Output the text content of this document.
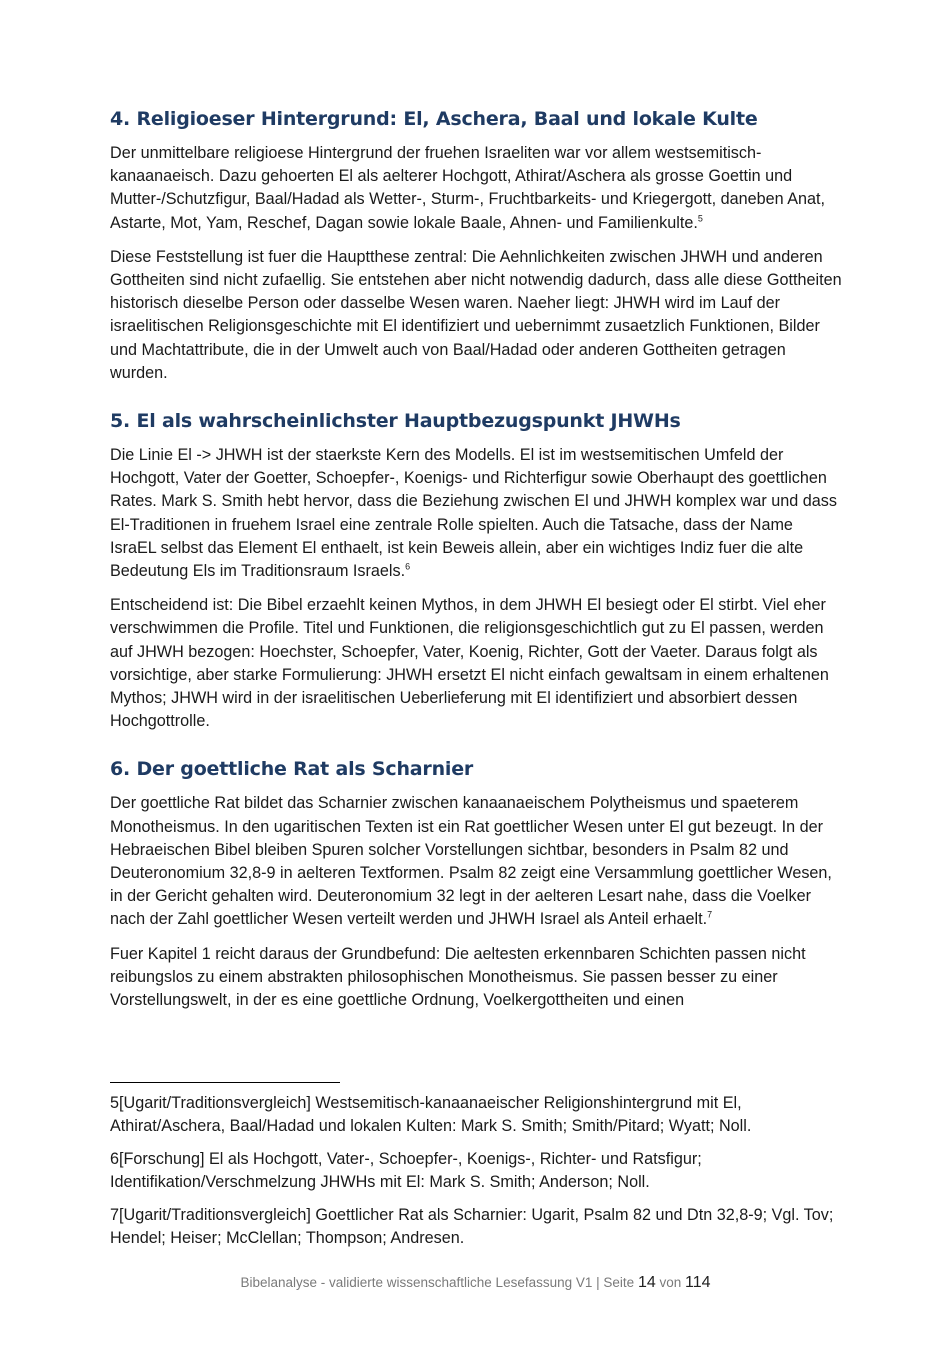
4. Religioeser Hintergrund: El, Aschera, Baal und lokale Kulte

Der unmittelbare religioese Hintergrund der fruehen Israeliten war vor allem westsemitisch-kanaanaeisch. Dazu gehoerten El als aelterer Hochgott, Athirat/Aschera als grosse Goettin und Mutter-/Schutzfigur, Baal/Hadad als Wetter-, Sturm-, Fruchtbarkeits- und Kriegergott, daneben Anat, Astarte, Mot, Yam, Reschef, Dagan sowie lokale Baale, Ahnen- und Familienkulte.$^5$

Diese Feststellung ist fuer die Hauptthese zentral: Die Aehnlichkeiten zwischen JHWH und anderen Gottheiten sind nicht zufaellig. Sie entstehen aber nicht notwendig dadurch, dass alle diese Gottheiten historisch dieselbe Person oder dasselbe Wesen waren. Naeher liegt: JHWH wird im Lauf der israelitischen Religionsgeschichte mit El identifiziert und uebernimmt zusaetzlich Funktionen, Bilder und Machtattribute, die in der Umwelt auch von Baal/Hadad oder anderen Gottheiten getragen wurden.

5. El als wahrscheinlichster Hauptbezugspunkt JHWHs

Die Linie El -> JHWH ist der staerkste Kern des Modells. El ist im westsemitischen Umfeld der Hochgott, Vater der Goetter, Schoepfer-, Koenigs- und Richterfigur sowie Oberhaupt des goettlichen Rates. Mark S. Smith hebt hervor, dass die Beziehung zwischen El und JHWH komplex war und dass El-Traditionen in fruehem Israel eine zentrale Rolle spielten. Auch die Tatsache, dass der Name IsraEL selbst das Element El enthaelt, ist kein Beweis allein, aber ein wichtiges Indiz fuer die alte Bedeutung Els im Traditionsraum Israels.$^6$

Entscheidend ist: Die Bibel erzaehlt keinen Mythos, in dem JHWH El besiegt oder El stirbt. Viel eher verschwimmen die Profile. Titel und Funktionen, die religionsgeschichtlich gut zu El passen, werden auf JHWH bezogen: Hoechster, Schoepfer, Vater, Koenig, Richter, Gott der Vaeter. Daraus folgt als vorsichtige, aber starke Formulierung: JHWH ersetzt El nicht einfach gewaltsam in einem erhaltenen Mythos; JHWH wird in der israelitischen Ueberlieferung mit El identifiziert und absorbiert dessen Hochgottrolle.

6. Der goettliche Rat als Scharnier

Der goettliche Rat bildet das Scharnier zwischen kanaanaeischem Polytheismus und spaeterem Monotheismus. In den ugaritischen Texten ist ein Rat goettlicher Wesen unter El gut bezeugt. In der Hebraeischen Bibel bleiben Spuren solcher Vorstellungen sichtbar, besonders in Psalm 82 und Deuteronomium 32,8-9 in aelteren Textformen. Psalm 82 zeigt eine Versammlung goettlicher Wesen, in der Gericht gehalten wird. Deuteronomium 32 legt in der aelteren Lesart nahe, dass die Voelker nach der Zahl goettlicher Wesen verteilt werden und JHWH Israel als Anteil erhaelt.$^7$

Fuer Kapitel 1 reicht daraus der Grundbefund: Die aeltesten erkennbaren Schichten passen nicht reibungslos zu einem abstrakten philosophischen Monotheismus. Sie passen besser zu einer Vorstellungswelt, in der es eine goettliche Ordnung, Voelkergottheiten und einen

5[Ugarit/Traditionsvergleich] Westsemitisch-kanaanaeischer Religionshintergrund mit El, Athirat/Aschera, Baal/Hadad und lokalen Kulten: Mark S. Smith; Smith/Pitard; Wyatt; Noll.

6[Forschung] El als Hochgott, Vater-, Schoepfer-, Koenigs-, Richter- und Ratsfigur; Identifikation/Verschmelzung JHWHs mit El: Mark S. Smith; Anderson; Noll.

7[Ugarit/Traditionsvergleich] Goettlicher Rat als Scharnier: Ugarit, Psalm 82 und Dtn 32,8-9; Vgl. Tov; Hendel; Heiser; McClellan; Thompson; Andresen.

Bibelanalyse - validierte wissenschaftliche Lesefassung V1 | Seite 14 von 114
